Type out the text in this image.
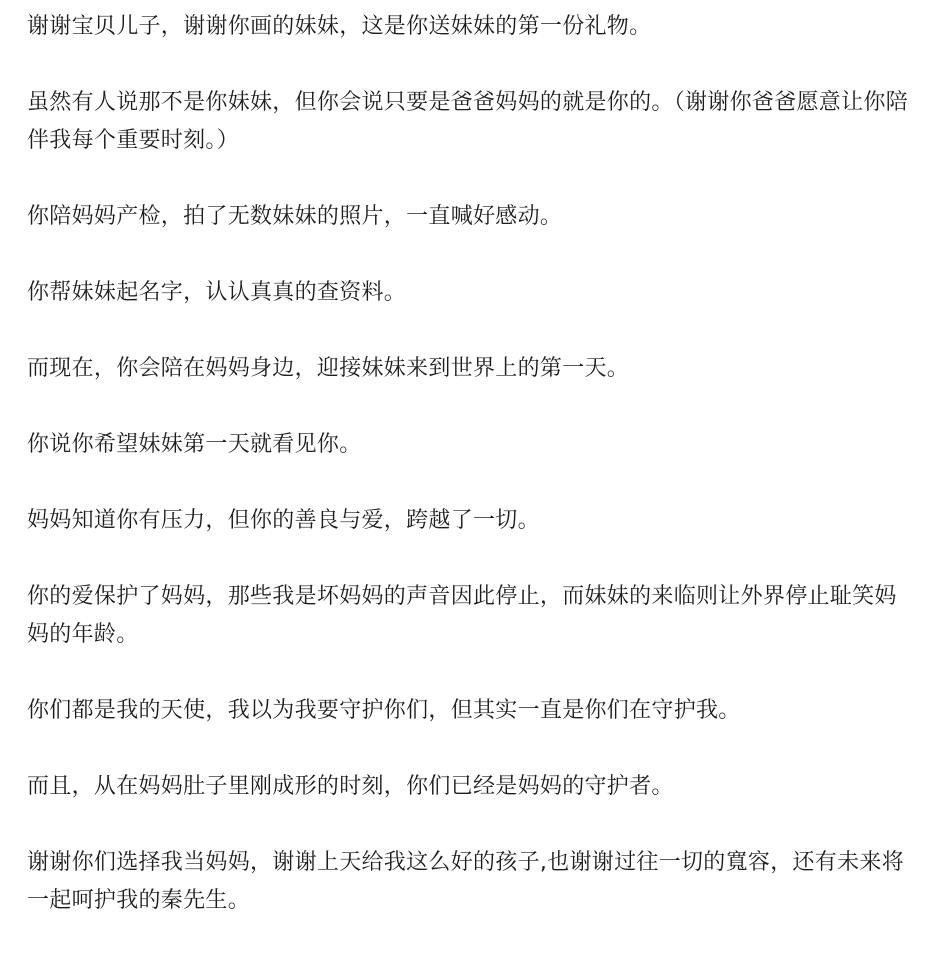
谢谢宝贝儿子，谢谢你画的妹妹，这是你送妹妹的第一份礼物。

虽然有人说那不是你妹妹，但你会说只要是爸爸妈妈的就是你的。（谢谢你爸爸愿意让你陪伴我每个重要时刻。）

你陪妈妈产检，拍了无数妹妹的照片，一直喊好感动。

你帮妹妹起名字，认认真真的查资料。

而现在，你会陪在妈妈身边，迎接妹妹来到世界上的第一天。

你说你希望妹妹第一天就看见你。

妈妈知道你有压力，但你的善良与爱，跨越了一切。

你的爱保护了妈妈，那些我是坏妈妈的声音因此停止，而妹妹的来临则让外界停止耻笑妈妈的年龄。

你们都是我的天使，我以为我要守护你们，但其实一直是你们在守护我。

而且，从在妈妈肚子里刚成形的时刻，你们已经是妈妈的守护者。

谢谢你们选择我当妈妈，谢谢上天给我这么好的孩子,也谢谢过往一切的寬容，还有未来将一起呵护我的秦先生。
